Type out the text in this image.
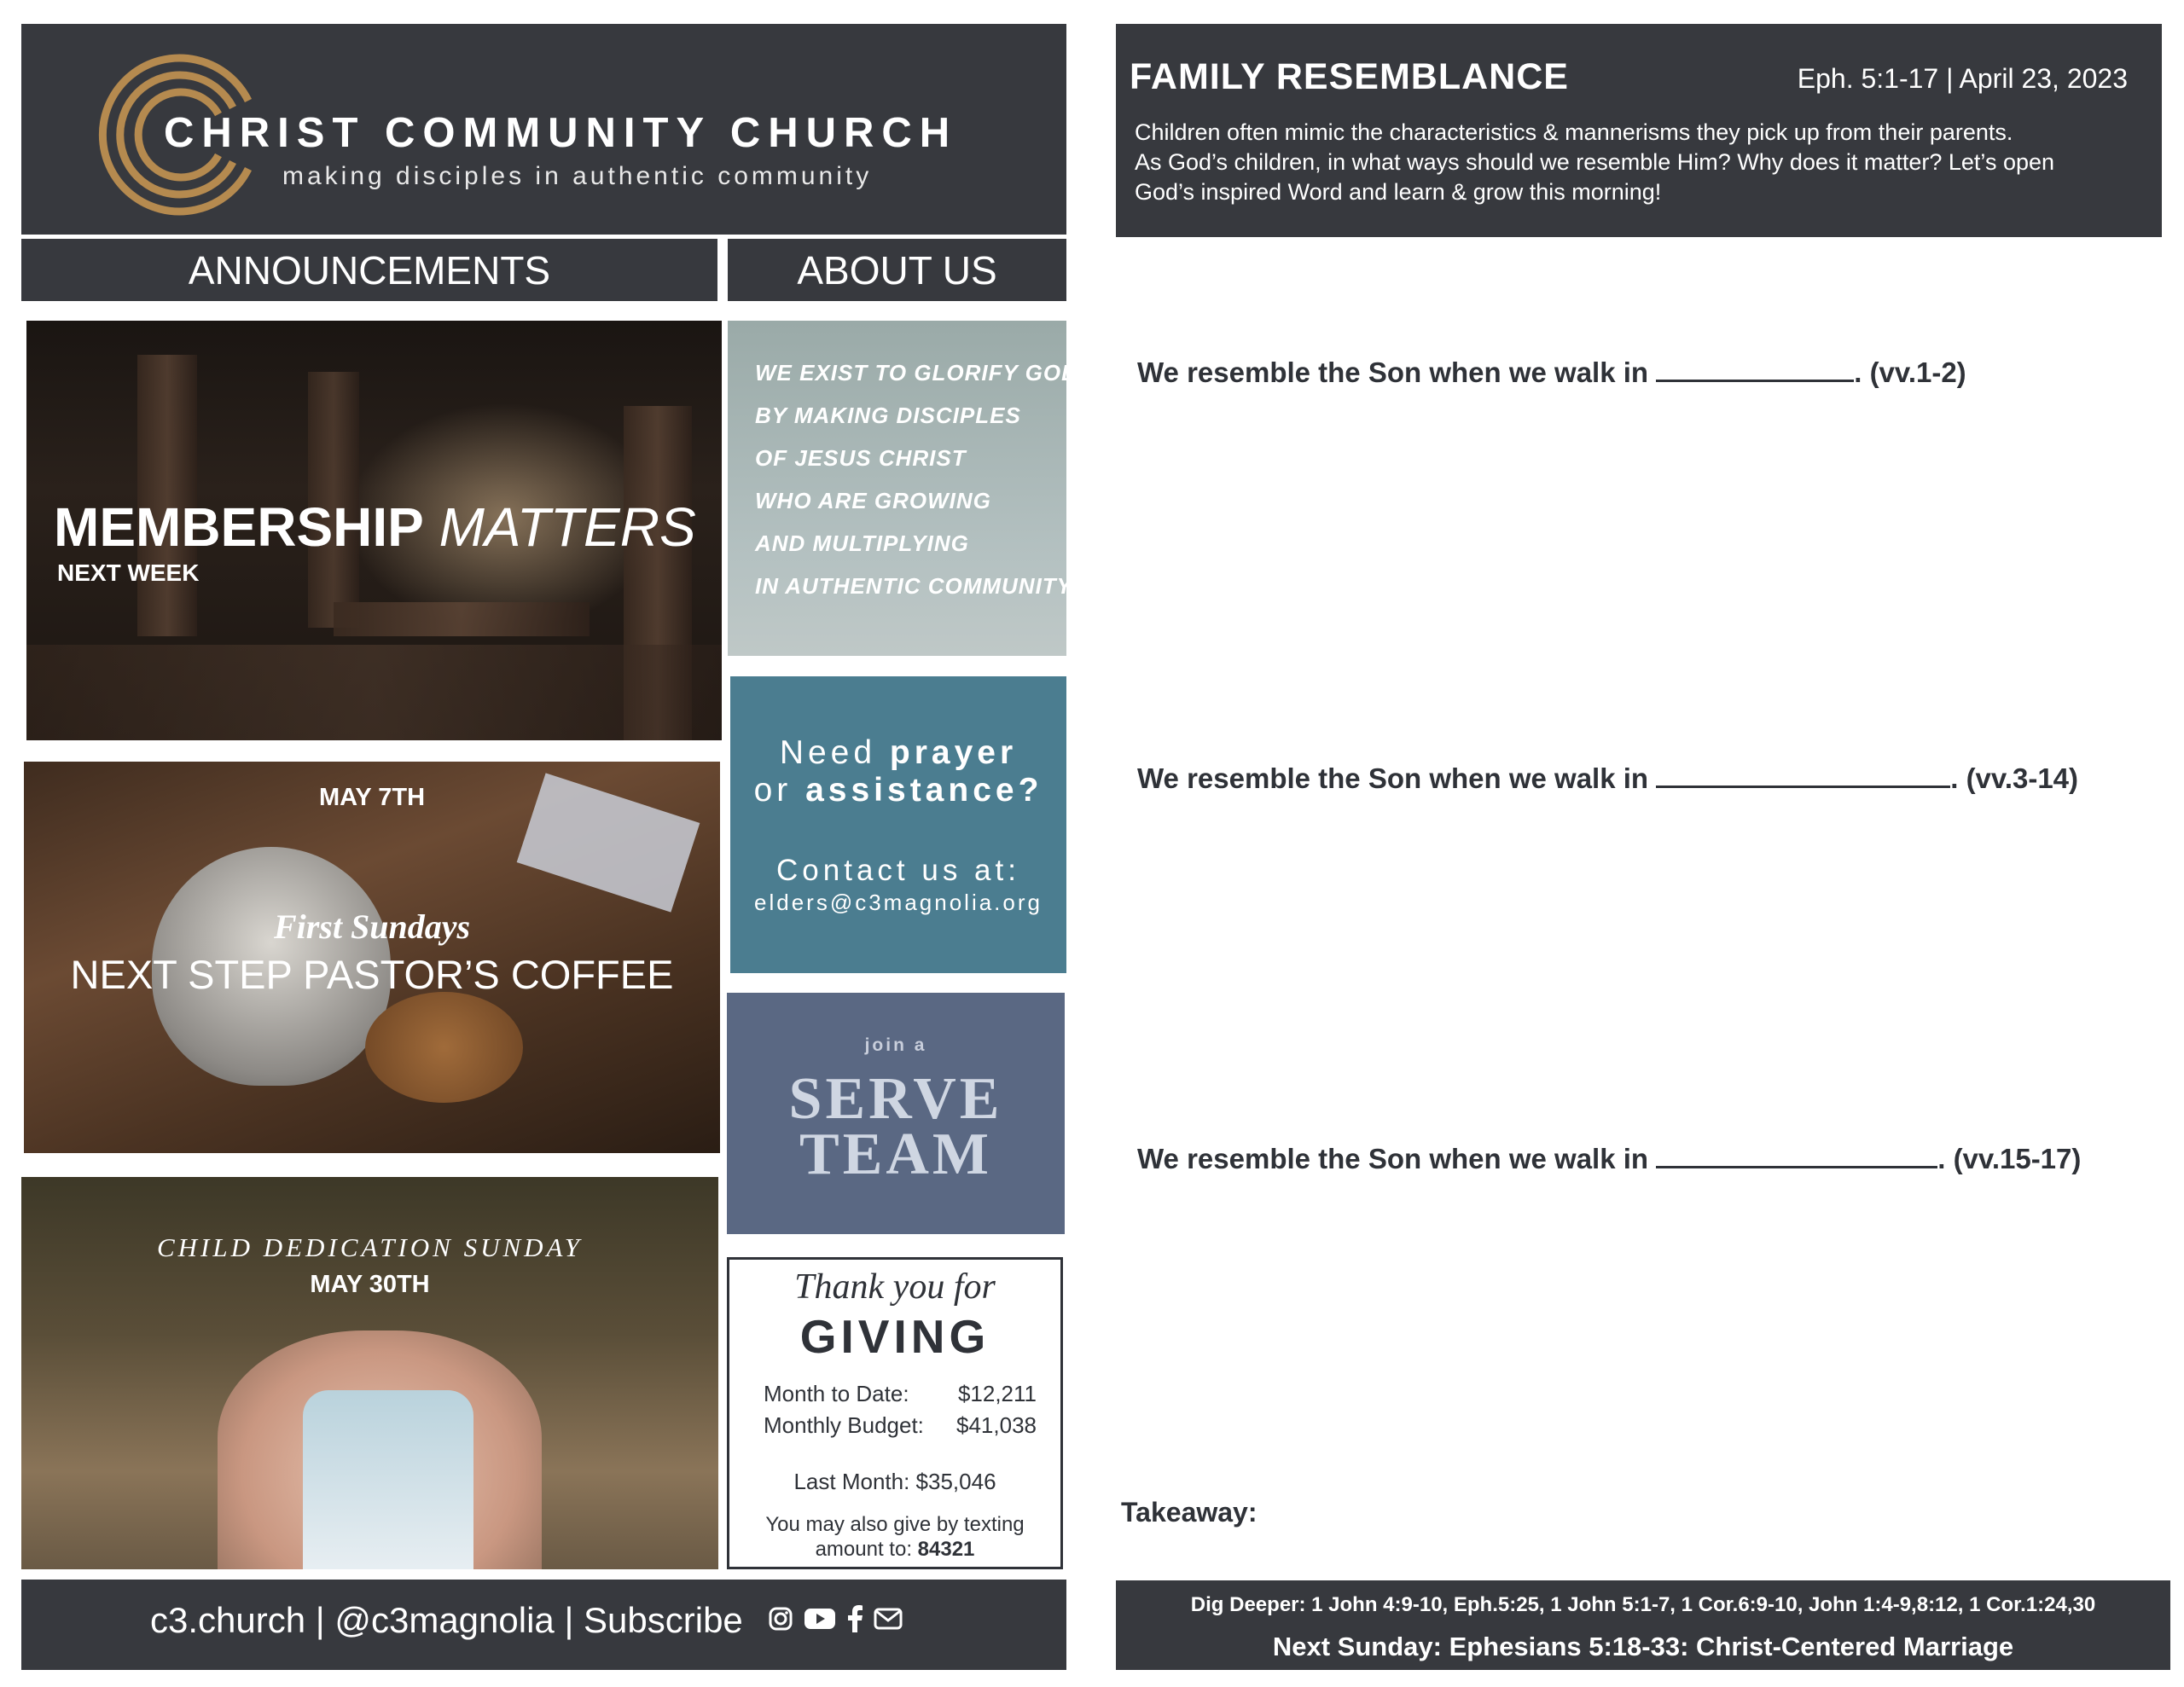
CHRIST COMMUNITY CHURCH
making disciples in authentic community
ANNOUNCEMENTS	ABOUT US
MEMBERSHIP MATTERS
NEXT WEEK
MAY 7TH
First Sundays
NEXT STEP PASTOR’S COFFEE
CHILD DEDICATION SUNDAY
MAY 30TH
WE EXIST TO GLORIFY GOD
BY MAKING DISCIPLES
OF JESUS CHRIST
WHO ARE GROWING
AND MULTIPLYING
IN AUTHENTIC COMMUNITY.
Need prayer
or assistance?
Contact us at:
elders@c3magnolia.org
join a
SERVE
TEAM
Thank you for
GIVING
Month to Date: $12,211
Monthly Budget: $41,038
Last Month: $35,046
You may also give by texting
amount to: 84321
c3.church | @c3magnolia | Subscribe
FAMILY RESEMBLANCE	Eph. 5:1-17 | April 23, 2023
Children often mimic the characteristics & mannerisms they pick up from their parents.
As God’s children, in what ways should we resemble Him? Why does it matter? Let’s open
God’s inspired Word and learn & grow this morning!
We resemble the Son when we walk in	. (vv.1-2)
We resemble the Son when we walk in	. (vv.3-14)
We resemble the Son when we walk in	. (vv.15-17)
Takeaway:
Dig Deeper: 1 John 4:9-10, Eph.5:25, 1 John 5:1-7, 1 Cor.6:9-10, John 1:4-9,8:12, 1 Cor.1:24,30
Next Sunday: Ephesians 5:18-33: Christ-Centered Marriage
